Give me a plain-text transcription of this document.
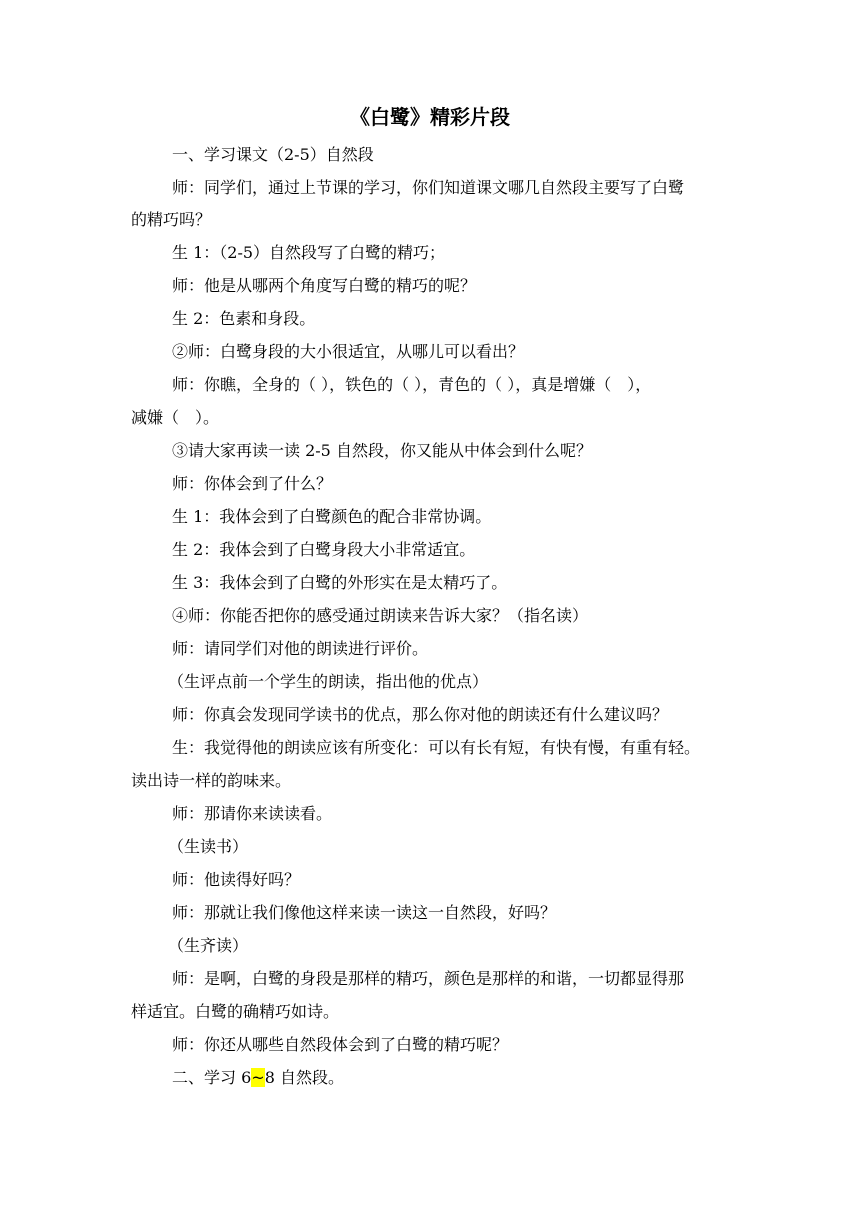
《白鹭》精彩片段
一、学习课文（2-5）自然段
师：同学们，通过上节课的学习，你们知道课文哪几自然段主要写了白鹭
的精巧吗？
生 1：（2-5）自然段写了白鹭的精巧；
师：他是从哪两个角度写白鹭的精巧的呢？
生 2：色素和身段。
②师：白鹭身段的大小很适宜，从哪儿可以看出？
师：你瞧，全身的（ ），铁色的（ ），青色的（ ），真是增嫌（　），
减嫌（　）。
③请大家再读一读 2-5 自然段，你又能从中体会到什么呢？
师：你体会到了什么？
生 1：我体会到了白鹭颜色的配合非常协调。
生 2：我体会到了白鹭身段大小非常适宜。
生 3：我体会到了白鹭的外形实在是太精巧了。
④师：你能否把你的感受通过朗读来告诉大家？（指名读）
师：请同学们对他的朗读进行评价。
（生评点前一个学生的朗读，指出他的优点）
师：你真会发现同学读书的优点，那么你对他的朗读还有什么建议吗？
生：我觉得他的朗读应该有所变化：可以有长有短，有快有慢，有重有轻。
读出诗一样的韵味来。
师：那请你来读读看。
（生读书）
师：他读得好吗？
师：那就让我们像他这样来读一读这一自然段，好吗？
（生齐读）
师：是啊，白鹭的身段是那样的精巧，颜色是那样的和谐，一切都显得那
样适宜。白鹭的确精巧如诗。
师：你还从哪些自然段体会到了白鹭的精巧呢？
二、学习 6~8 自然段。
